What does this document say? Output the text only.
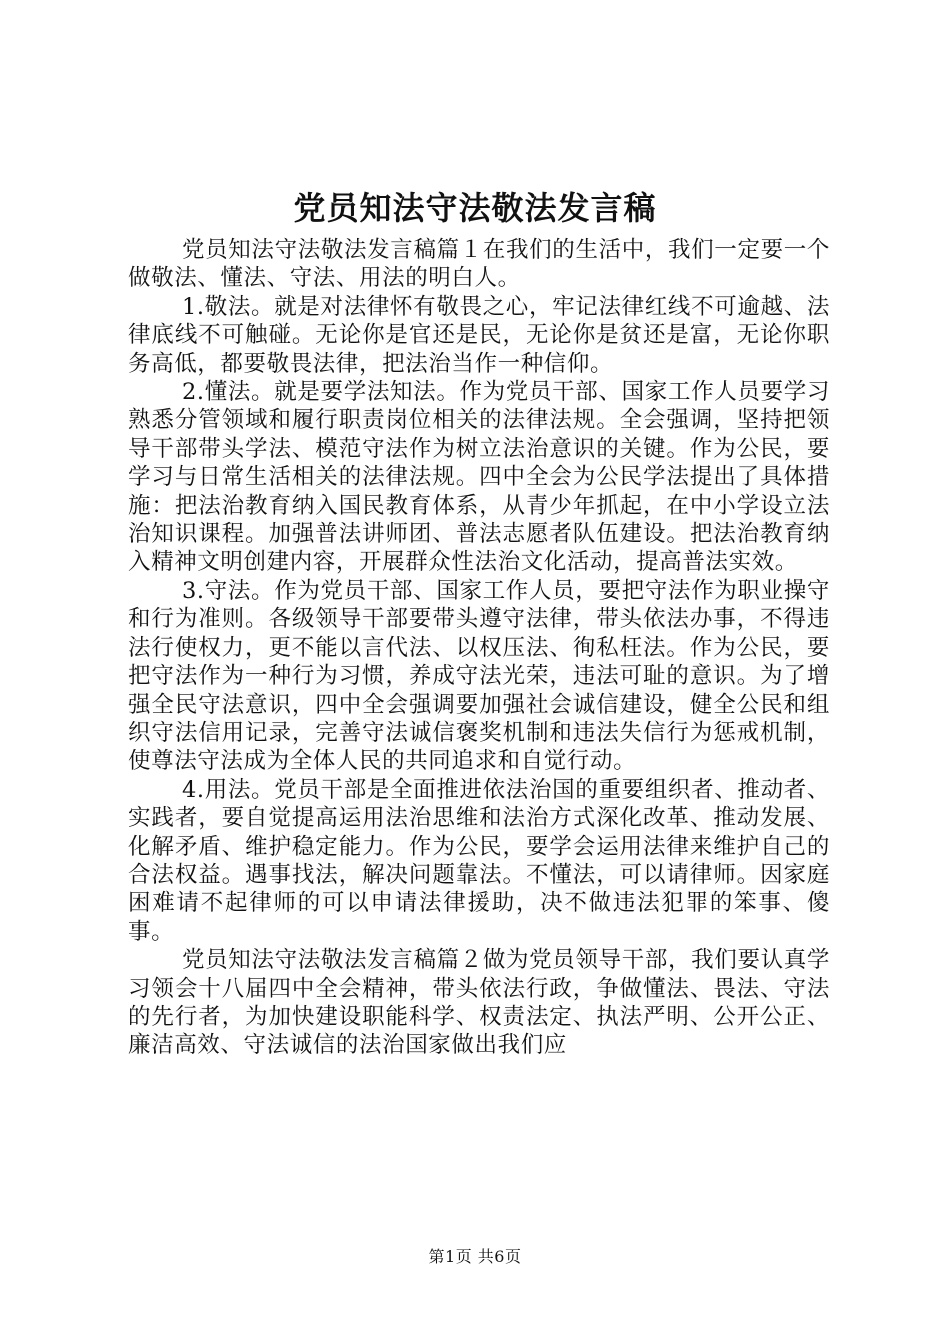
党员知法守法敬法发言稿

党员知法守法敬法发言稿篇１在我们的生活中，我们一定要一个做敬法、懂法、守法、用法的明白人。

1.敬法。就是对法律怀有敬畏之心，牢记法律红线不可逾越、法律底线不可触碰。无论你是官还是民，无论你是贫还是富，无论你职务高低，都要敬畏法律，把法治当作一种信仰。

2.懂法。就是要学法知法。作为党员干部、国家工作人员要学习熟悉分管领域和履行职责岗位相关的法律法规。全会强调，坚持把领导干部带头学法、模范守法作为树立法治意识的关键。作为公民，要学习与日常生活相关的法律法规。四中全会为公民学法提出了具体措施：把法治教育纳入国民教育体系，从青少年抓起，在中小学设立法治知识课程。加强普法讲师团、普法志愿者队伍建设。把法治教育纳入精神文明创建内容，开展群众性法治文化活动，提高普法实效。

3.守法。作为党员干部、国家工作人员，要把守法作为职业操守和行为准则。各级领导干部要带头遵守法律，带头依法办事，不得违法行使权力，更不能以言代法、以权压法、徇私枉法。作为公民，要把守法作为一种行为习惯，养成守法光荣，违法可耻的意识。为了增强全民守法意识，四中全会强调要加强社会诚信建设，健全公民和组织守法信用记录，完善守法诚信褒奖机制和违法失信行为惩戒机制，使尊法守法成为全体人民的共同追求和自觉行动。

4.用法。党员干部是全面推进依法治国的重要组织者、推动者、实践者，要自觉提高运用法治思维和法治方式深化改革、推动发展、化解矛盾、维护稳定能力。作为公民，要学会运用法律来维护自己的合法权益。遇事找法，解决问题靠法。不懂法，可以请律师。因家庭困难请不起律师的可以申请法律援助，决不做违法犯罪的笨事、傻事。

党员知法守法敬法发言稿篇２做为党员领导干部，我们要认真学习领会十八届四中全会精神，带头依法行政，争做懂法、畏法、守法的先行者，为加快建设职能科学、权责法定、执法严明、公开公正、廉洁高效、守法诚信的法治国家做出我们应

第1页 共6页
